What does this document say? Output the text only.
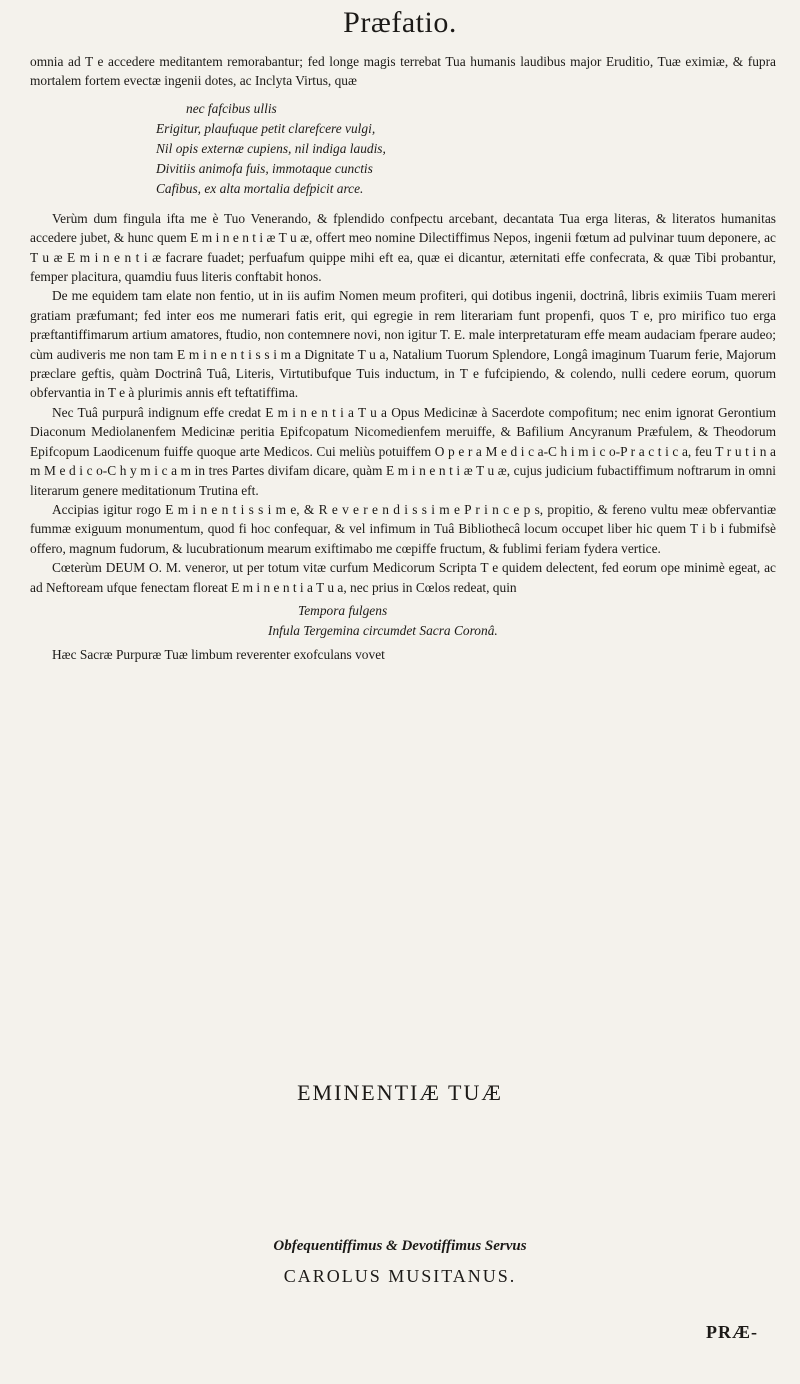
Præfatio.

omnia ad T e accedere meditantem remorabantur; fed longe magis terrebat Tua humanis laudibus major Eruditio, Tuæ eximiæ, & fupra mortalem fortem evectæ ingenii dotes, ac Inclyta Virtus, quæ

nec fafcibus ullis
Erigitur, plaufuque petit clarefcere vulgi,
Nil opis externæ cupiens, nil indiga laudis,
Divitiis animofa fuis, immotaque cunctis
Cafibus, ex alta mortalia defpicit arce.

Verùm dum fingula ifta me è Tuo Venerando, & fplendido confpectu arcebant, decantata Tua erga literas, & literatos humanitas accedere jubet, & hunc quem E m i n e n t i æ T u æ, offert meo nomine Dilectiffimus Nepos, ingenii fœtum ad pulvinar tuum deponere, ac T u æ E m i n e n t i æ facrare fuadet; perfuafum quippe mihi eft ea, quæ ei dicantur, æternitati effe confecrata, & quæ Tibi probantur, femper placitura, quamdiu fuus literis conftabit honos.

De me equidem tam elate non fentio, ut in iis aufim Nomen meum profiteri, qui dotibus ingenii, doctrinâ, libris eximiis Tuam mereri gratiam præfumant; fed inter eos me numerari fatis erit, qui egregie in rem literariam funt propenfi, quos T e, pro mirifico tuo erga præftantiffimarum artium amatores, ftudio, non contemnere novi, non igitur T. E. male interpretaturam effe meam audaciam fperare audeo; cùm audiveris me non tam E m i n e n t i s s i m a Dignitate T u a, Natalium Tuorum Splendore, Longâ imaginum Tuarum ferie, Majorum præclare geftis, quàm Doctrinâ Tuâ, Literis, Virtutibufque Tuis inductum, in T e fufcipiendo, & colendo, nulli cedere eorum, quorum obfervantia in T e à plurimis annis eft teftatiffima.

Nec Tuâ purpurâ indignum effe credat E m i n e n t i a T u a Opus Medicinæ à Sacerdote compofitum; nec enim ignorat Gerontium Diaconum Mediolanenfem Medicinæ peritia Epifcopatum Nicomedienfem meruiffe, & Bafilium Ancyranum Præfulem, & Theodorum Epifcopum Laodicenum fuiffe quoque arte Medicos. Cui meliùs potuiffem O p e r a M e d i c a-C h i m i c o-P r a c t i c a, feu T r u t i n a m M e d i c o-C h y m i c a m in tres Partes divifam dicare, quàm E m i n e n t i æ T u æ, cujus judicium fubactiffimum noftrarum in omni literarum genere meditationum Trutina eft.

Accipias igitur rogo E m i n e n t i s s i m e, & R e v e r e n d i s s i m e P r i n c e p s, propitio, & fereno vultu meæ obfervantiæ fummæ exiguum monumentum, quod fi hoc confequar, & vel infimum in Tuâ Bibliothecâ locum occupet liber hic quem T i b i fubmifsè offero, magnum fudorum, & lucubrationum mearum exiftimabo me cœpiffe fructum, & fublimi feriam fydera vertice.

Cœterùm DEUM O. M. veneror, ut per totum vitæ curfum Medicorum Scripta T e quidem delectent, fed eorum ope minimè egeat, ac ad Neftoream ufque fenectam floreat E m i n e n t i a T u a, nec prius in Cœlos redeat, quin

Tempora fulgens
Infula Tergemina circumdet Sacra Coronâ.

Hæc Sacræ Purpuræ Tuæ limbum reverenter exofculans vovet

EMINENTIÆ TUÆ
Obfequentiffimus & Devotiffimus Servus
CAROLUS MUSITANUS.
PRÆ-
